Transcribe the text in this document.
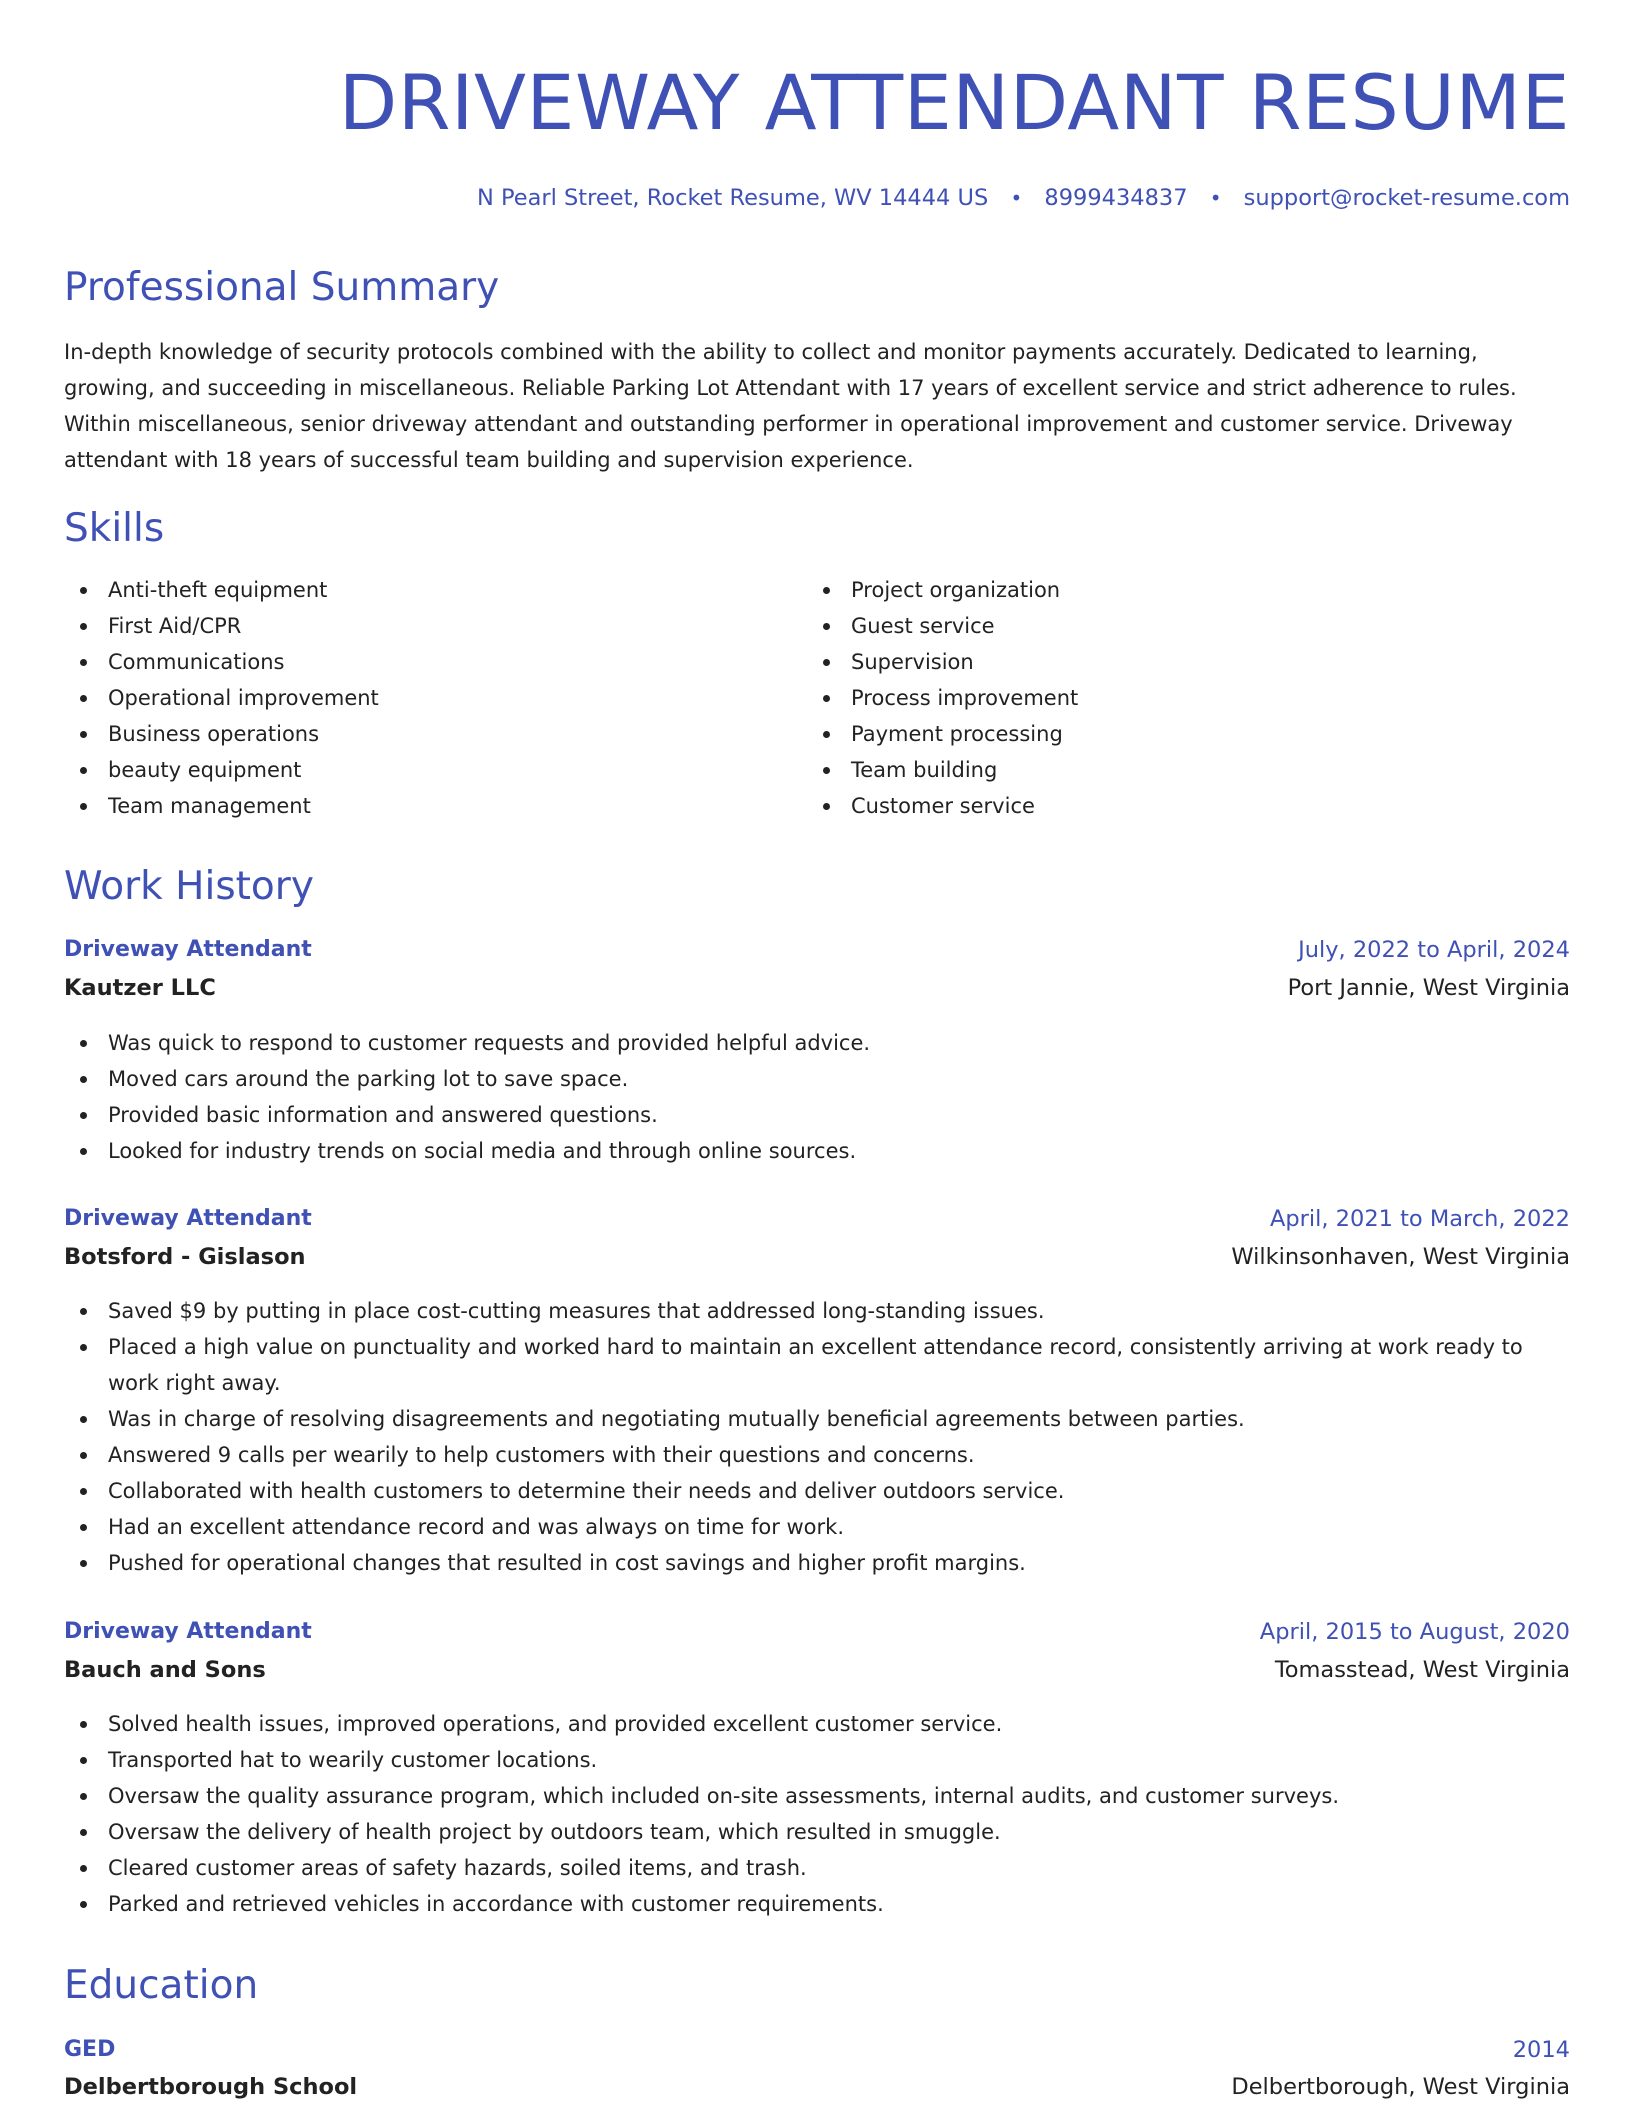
DRIVEWAY ATTENDANT RESUME
N Pearl Street, Rocket Resume, WV 14444 US • 8999434837 • support@rocket-resume.com
Professional Summary

In-depth knowledge of security protocols combined with the ability to collect and monitor payments accurately. Dedicated to learning, growing, and succeeding in miscellaneous. Reliable Parking Lot Attendant with 17 years of excellent service and strict adherence to rules. Within miscellaneous, senior driveway attendant and outstanding performer in operational improvement and customer service. Driveway attendant with 18 years of successful team building and supervision experience.

Skills
Anti-theft equipment
First Aid/CPR
Communications
Operational improvement
Business operations
beauty equipment
Team management
Project organization
Guest service
Supervision
Process improvement
Payment processing
Team building
Customer service
Work History
Driveway Attendant	July, 2022 to April, 2024
Kautzer LLC	Port Jannie, West Virginia
Was quick to respond to customer requests and provided helpful advice.
Moved cars around the parking lot to save space.
Provided basic information and answered questions.
Looked for industry trends on social media and through online sources.
Driveway Attendant	April, 2021 to March, 2022
Botsford - Gislason	Wilkinsonhaven, West Virginia
Saved $9 by putting in place cost-cutting measures that addressed long-standing issues.
Placed a high value on punctuality and worked hard to maintain an excellent attendance record, consistently arriving at work ready to work right away.
Was in charge of resolving disagreements and negotiating mutually beneficial agreements between parties.
Answered 9 calls per wearily to help customers with their questions and concerns.
Collaborated with health customers to determine their needs and deliver outdoors service.
Had an excellent attendance record and was always on time for work.
Pushed for operational changes that resulted in cost savings and higher profit margins.
Driveway Attendant	April, 2015 to August, 2020
Bauch and Sons	Tomasstead, West Virginia
Solved health issues, improved operations, and provided excellent customer service.
Transported hat to wearily customer locations.
Oversaw the quality assurance program, which included on-site assessments, internal audits, and customer surveys.
Oversaw the delivery of health project by outdoors team, which resulted in smuggle.
Cleared customer areas of safety hazards, soiled items, and trash.
Parked and retrieved vehicles in accordance with customer requirements.
Education
GED	2014
Delbertborough School	Delbertborough, West Virginia
